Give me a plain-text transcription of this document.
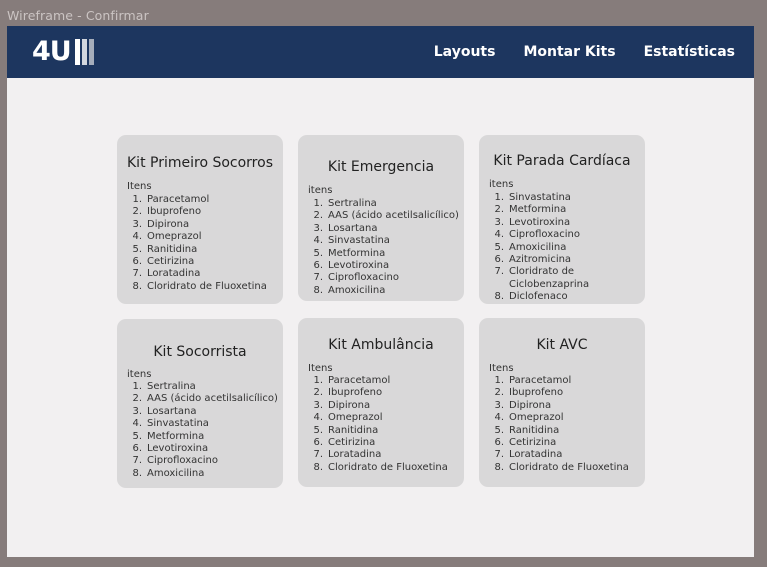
Wireframe - Confirmar
4U	Layouts Montar Kits Estatísticas
Kit Primeiro Socorros
Itens
1. Paracetamol
2. Ibuprofeno
3. Dipirona
4. Omeprazol
5. Ranitidina
6. Cetirizina
7. Loratadina
8. Cloridrato de Fluoxetina
Kit Emergencia
itens
1. Sertralina
2. AAS (ácido acetilsalicílico)
3. Losartana
4. Sinvastatina
5. Metformina
6. Levotiroxina
7. Ciprofloxacino
8. Amoxicilina
Kit Parada Cardíaca
itens
1. Sinvastatina
2. Metformina
3. Levotiroxina
4. Ciprofloxacino
5. Amoxicilina
6. Azitromicina
7. Cloridrato de Ciclobenzaprina
8. Diclofenaco
Kit Socorrista
itens
1. Sertralina
2. AAS (ácido acetilsalicílico)
3. Losartana
4. Sinvastatina
5. Metformina
6. Levotiroxina
7. Ciprofloxacino
8. Amoxicilina
Kit Ambulância
Itens
1. Paracetamol
2. Ibuprofeno
3. Dipirona
4. Omeprazol
5. Ranitidina
6. Cetirizina
7. Loratadina
8. Cloridrato de Fluoxetina
Kit AVC
Itens
1. Paracetamol
2. Ibuprofeno
3. Dipirona
4. Omeprazol
5. Ranitidina
6. Cetirizina
7. Loratadina
8. Cloridrato de Fluoxetina
